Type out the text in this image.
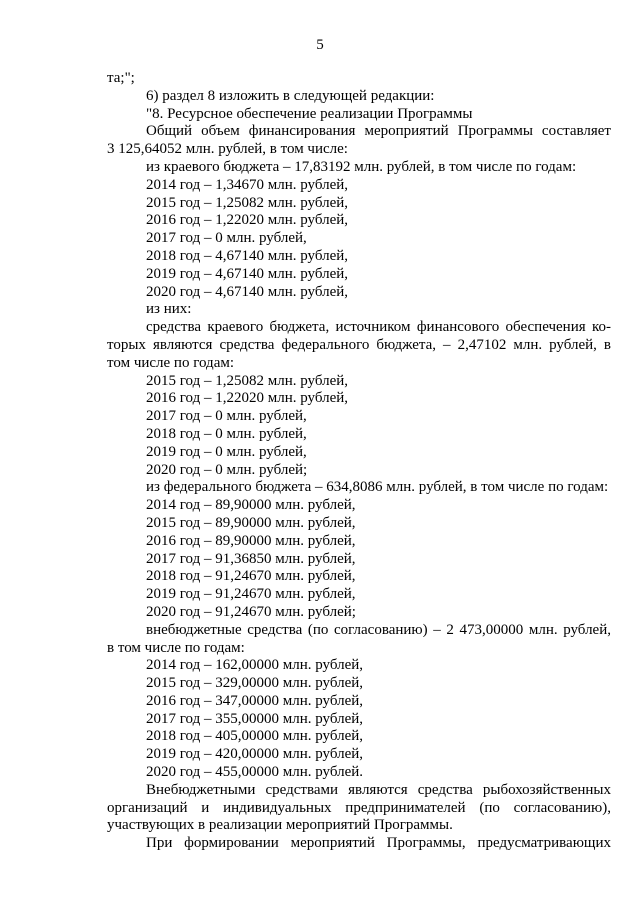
5

та;";

6) раздел 8 изложить в следующей редакции:

"8. Ресурсное обеспечение реализации Программы

Общий объем финансирования мероприятий Программы составляет

3 125,64052 млн. рублей, в том числе:

из краевого бюджета – 17,83192 млн. рублей, в том числе по годам:

2014 год – 1,34670 млн. рублей,

2015 год – 1,25082 млн. рублей,

2016 год – 1,22020 млн. рублей,

2017 год – 0 млн. рублей,

2018 год – 4,67140 млн. рублей,

2019 год – 4,67140 млн. рублей,

2020 год – 4,67140 млн. рублей,

из них:

средства краевого бюджета, источником финансового обеспечения ко-

торых являются средства федерального бюджета, – 2,47102 млн. рублей, в

том числе по годам:

2015 год – 1,25082 млн. рублей,

2016 год – 1,22020 млн. рублей,

2017 год – 0 млн. рублей,

2018 год – 0 млн. рублей,

2019 год – 0 млн. рублей,

2020 год – 0 млн. рублей;

из федерального бюджета – 634,8086 млн. рублей, в том числе по годам:

2014 год – 89,90000 млн. рублей,

2015 год – 89,90000 млн. рублей,

2016 год – 89,90000 млн. рублей,

2017 год – 91,36850 млн. рублей,

2018 год – 91,24670 млн. рублей,

2019 год – 91,24670 млн. рублей,

2020 год – 91,24670 млн. рублей;

внебюджетные средства (по согласованию) – 2 473,00000 млн. рублей,

в том числе по годам:

2014 год – 162,00000 млн. рублей,

2015 год – 329,00000 млн. рублей,

2016 год – 347,00000 млн. рублей,

2017 год – 355,00000 млн. рублей,

2018 год – 405,00000 млн. рублей,

2019 год – 420,00000 млн. рублей,

2020 год – 455,00000 млн. рублей.

Внебюджетными средствами являются средства рыбохозяйственных

организаций и индивидуальных предпринимателей (по согласованию),

участвующих в реализации мероприятий Программы.

При формировании мероприятий Программы, предусматривающих
